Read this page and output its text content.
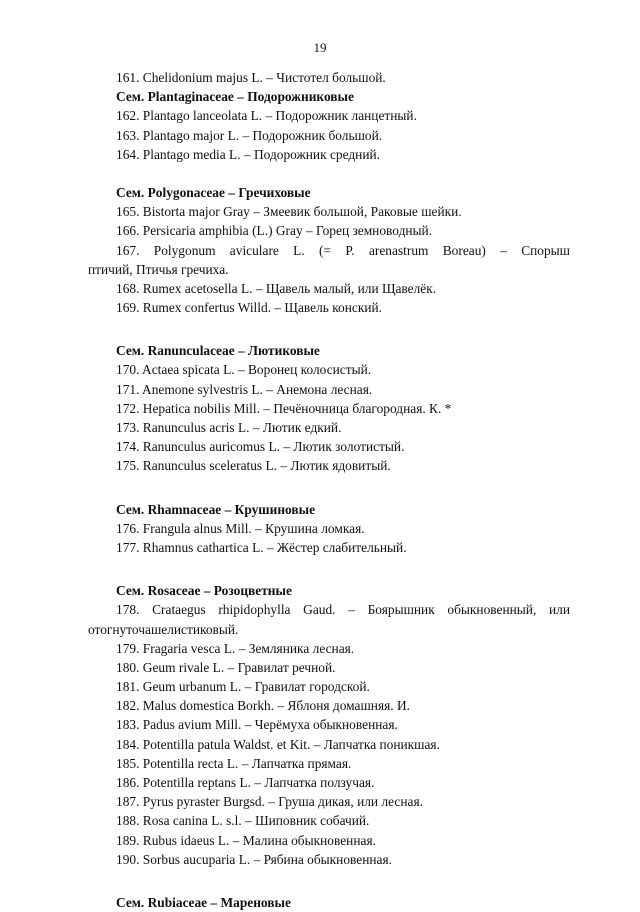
19
161. Chelidonium majus L. – Чистотел большой.
Сем. Plantaginaceae – Подорожниковые
162. Plantago lanceolata L. – Подорожник ланцетный.
163. Plantago major L. – Подорожник большой.
164. Plantago media L. – Подорожник средний.
Сем. Polygonaceae – Гречиховые
165. Bistorta major Gray – Змеевик большой, Раковые шейки.
166. Persicaria amphibia (L.) Gray – Горец земноводный.
167. Polygonum aviculare L. (= P. arenastrum Boreau) – Спорыш
птичий, Птичья гречиха.
168. Rumex acetosella L. – Щавель малый, или Щавелёк.
169. Rumex confertus Willd. – Щавель конский.
Сем. Ranunculaceae – Лютиковые
170. Actaea spicata L. – Воронец колосистый.
171. Anemone sylvestris L. – Анемона лесная.
172. Hepatica nobilis Mill. – Печёночница благородная. К. *
173. Ranunculus acris L. – Лютик едкий.
174. Ranunculus auricomus L. – Лютик золотистый.
175. Ranunculus sceleratus L. – Лютик ядовитый.
Сем. Rhamnaceae – Крушиновые
176. Frangula alnus Mill. – Крушина ломкая.
177. Rhamnus cathartica L. – Жёстер слабительный.
Сем. Rosaceae – Розоцветные
178. Crataegus rhipidophylla Gaud. – Боярышник обыкновенный, или
отогнуточашелистиковый.
179. Fragaria vesca L. – Земляника лесная.
180. Geum rivale L. – Гравилат речной.
181. Geum urbanum L. – Гравилат городской.
182. Malus domestica Borkh. – Яблоня домашняя. И.
183. Padus avium Mill. – Черёмуха обыкновенная.
184. Potentilla patula Waldst. et Kit. – Лапчатка поникшая.
185. Potentilla recta L. – Лапчатка прямая.
186. Potentilla reptans L. – Лапчатка ползучая.
187. Pyrus pyraster Burgsd. – Груша дикая, или лесная.
188. Rosa canina L. s.l. – Шиповник собачий.
189. Rubus idaeus L. – Малина обыкновенная.
190. Sorbus aucuparia L. – Рябина обыкновенная.
Сем. Rubiaceae – Мареновые
